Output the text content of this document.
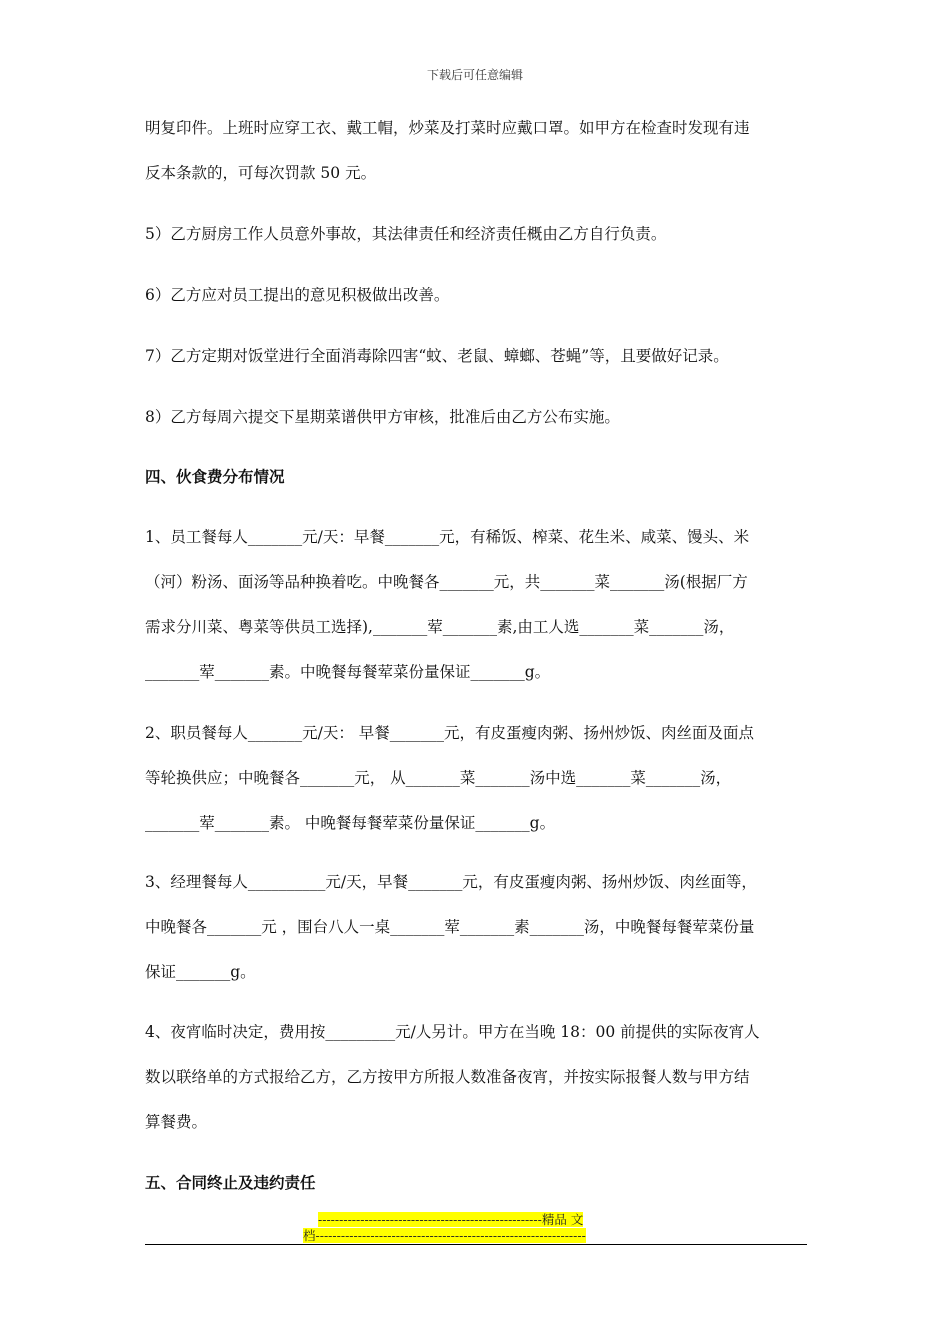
下载后可任意编辑
明复印件。上班时应穿工衣、戴工帽，炒菜及打菜时应戴口罩。如甲方在检查时发现有违
反本条款的，可每次罚款 50 元。
5）乙方厨房工作人员意外事故，其法律责任和经济责任概由乙方自行负责。
6）乙方应对员工提出的意见积极做出改善。
7）乙方定期对饭堂进行全面消毒除四害“蚊、老鼠、蟑螂、苍蝇”等，且要做好记录。
8）乙方每周六提交下星期菜谱供甲方审核，批准后由乙方公布实施。
四、伙食费分布情况
1、员工餐每人_______元/天：早餐_______元，有稀饭、榨菜、花生米、咸菜、馒头、米
（河）粉汤、面汤等品种换着吃。中晚餐各_______元，共_______菜_______汤(根据厂方
需求分川菜、粤菜等供员工选择),_______荤_______素,由工人选_______菜_______汤，
_______荤_______素。中晚餐每餐荤菜份量保证_______g。
2、职员餐每人_______元/天： 早餐_______元，有皮蛋瘦肉粥、扬州炒饭、肉丝面及面点
等轮换供应；中晚餐各_______元， 从_______菜_______汤中选_______菜_______汤，
_______荤_______素。 中晚餐每餐荤菜份量保证_______g。
3、经理餐每人__________元/天，早餐_______元，有皮蛋瘦肉粥、扬州炒饭、肉丝面等，
中晚餐各_______元 ，围台八人一桌_______荤_______素_______汤，中晚餐每餐荤菜份量
保证_______g。
4、夜宵临时决定，费用按_________元/人另计。甲方在当晚 18：00 前提供的实际夜宵人
数以联络单的方式报给乙方，乙方按甲方所报人数准备夜宵，并按实际报餐人数与甲方结
算餐费。
五、合同终止及违约责任
-----------------------------------------------------精品 文
档----------------------------------------------------------------
